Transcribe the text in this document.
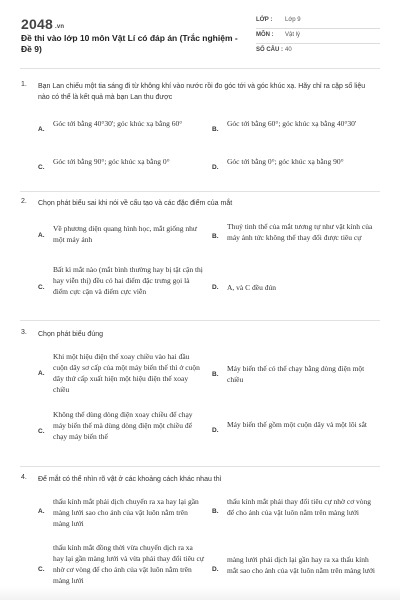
2048 .vn
Đề thi vào lớp 10 môn Vật Lí có đáp án (Trắc nghiệm - Đề 9)
LỚP : Lớp 9
MÔN : Vật lý
SỐ CÂU : 40
1. Bạn Lan chiếu một tia sáng đi từ không khí vào nước rồi đo góc tới và góc khúc xạ. Hãy chỉ ra cặp số liệu nào có thể là kết quả mà bạn Lan thu được
A.
Góc tới bằng 40°30'; góc khúc xạ bằng 60°
B.
Góc tới bằng 60°; góc khúc xạ bằng 40°30'
C.
Góc tới bằng 90°; góc khúc xạ bằng 0°
D.
Góc tới bằng 0°; góc khúc xạ bằng 90°
2. Chọn phát biểu sai khi nói về cấu tạo và các đặc điểm của mắt
A.
Về phương diện quang hình học, mắt giống như một máy ảnh	B.
Thuỷ tinh thể của mắt tương tự như vật kính của máy ảnh tức không thể thay đổi được tiêu cự
C.
Bất kì mắt nào (mắt bình thường hay bị tật cận thị hay viễn thị) đều có hai điểm đặc trưng gọi là điểm cực cận và điểm cực viễn	D. A, và C đều đún
3. Chọn phát biểu đúng
A.
Khi một hiệu điện thế xoay chiều vào hai đầu cuộn dây sơ cấp của một máy biến thế thì ở cuộn dây thứ cấp xuất hiện một hiệu điện thế xoay chiều
B.
Máy biến thế có thể chạy bằng dòng điện một chiều
C.
Không thể dùng dòng điện xoay chiều để chạy máy biến thế mà dùng dòng điện một chiều để chạy máy biến thế
D.
Máy biến thế gồm một cuộn dây và một lõi sắt
4. Để mắt có thể nhìn rõ vật ở các khoảng cách khác nhau thì
A.
thấu kính mắt phải dịch chuyển ra xa hay lại gần màng lưới sao cho ảnh của vật luôn nằm trên màng lưới
B.
thấu kính mắt phải thay đổi tiêu cự nhờ cơ vòng để cho ảnh của vật luôn nằm trên màng lưới
C.
thấu kính mắt đồng thời vừa chuyển dịch ra xa hay lại gần màng lưới và vừa phải thay đổi tiêu cự nhờ cơ vòng để cho ảnh của vật luôn nằm trên màng lưới
D.
màng lưới phải dịch lại gần hay ra xa thấu kính mắt sao cho ảnh của vật luôn nằm trên màng lưới
